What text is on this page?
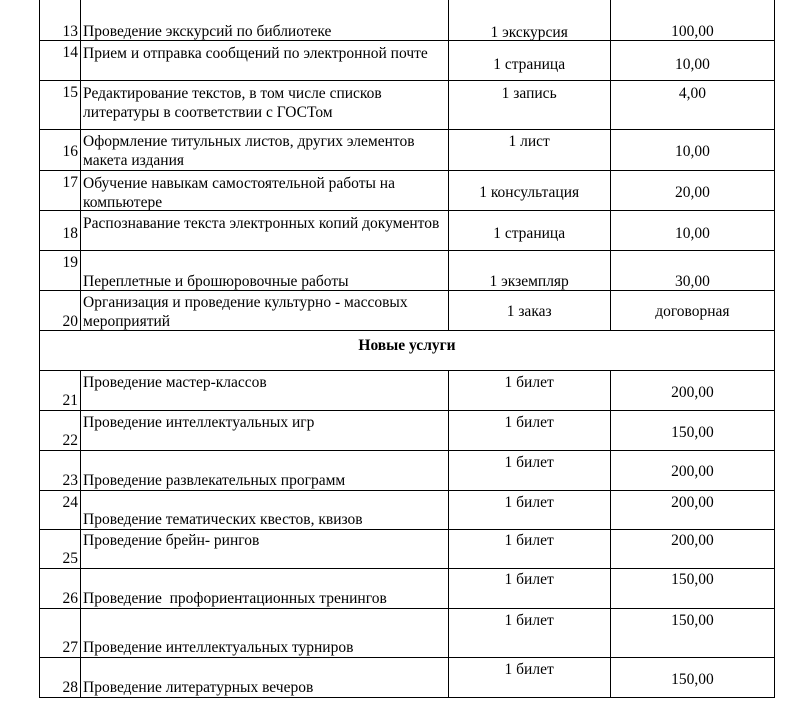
13	Проведение экскурсий по библиотеке	1 экскурсия	100,00

14	Прием и отправка сообщений по электронной почте	1 страница	10,00

15	Редактирование текстов, в том числе списков литературы в соответствии с ГОСТом	1 запись	4,00

16	Оформление титульных листов, других элементов макета издания	1 лист	10,00

17	Обучение навыкам самостоятельной работы на компьютере	1 консультация	20,00

18	Распознавание текста электронных копий документов	1 страница	10,00

19	Переплетные и брошюровочные работы	1 экземпляр	30,00

20	Организация и проведение культурно - массовых мероприятий	1 заказ	договорная

Новые услуги			

21	Проведение мастер-классов	1 билет	200,00

22	Проведение интеллектуальных игр	1 билет	150,00

23	Проведение развлекательных программ	1 билет	200,00

24	Проведение тематических квестов, квизов	1 билет	200,00

25	Проведение брейн- рингов	1 билет	200,00

26	Проведение  профориентационных тренингов	1 билет	150,00

27	Проведение интеллектуальных турниров	1 билет	150,00

28	Проведение литературных вечеров	1 билет	150,00
